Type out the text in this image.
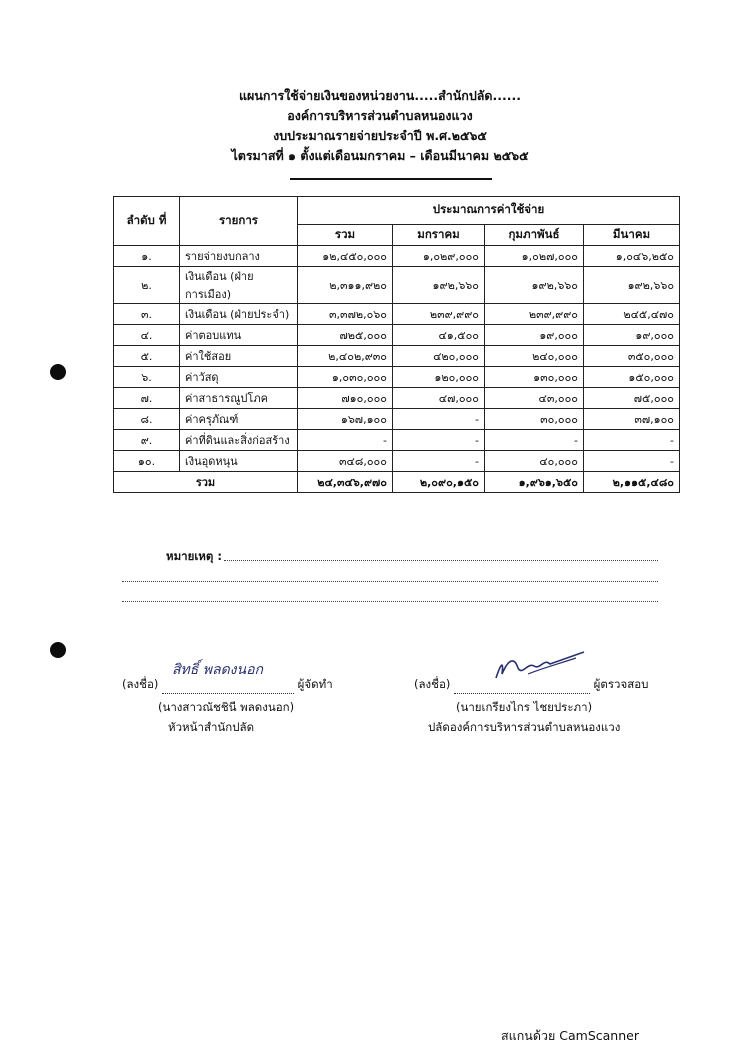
แผนการใช้จ่ายเงินของหน่วยงาน.....สำนักปลัด......
องค์การบริหารส่วนตำบลหนองแวง
งบประมาณรายจ่ายประจำปี พ.ศ.๒๕๖๕
ไตรมาสที่ ๑ ตั้งแต่เดือนมกราคม – เดือนมีนาคม ๒๕๖๕
ลำดับ ที่	รายการ	ประมาณการค่าใช้จ่าย			
		รวม	มกราคม	กุมภาพันธ์	มีนาคม
๑.	รายจ่ายงบกลาง	๑๒,๔๕๐,๐๐๐	๑,๐๒๙,๐๐๐	๑,๐๒๗,๐๐๐	๑,๐๔๖,๒๕๐
๒.	เงินเดือน (ฝ่ายการเมือง)	๒,๓๑๑,๙๒๐	๑๙๒,๖๖๐	๑๙๒,๖๖๐	๑๙๒,๖๖๐
๓.	เงินเดือน (ฝ่ายประจำ)	๓,๓๗๒,๐๖๐	๒๓๙,๙๙๐	๒๓๙,๙๙๐	๒๔๕,๔๗๐
๔.	ค่าตอบแทน	๗๒๕,๐๐๐	๔๑,๕๐๐	๑๙,๐๐๐	๑๙,๐๐๐
๕.	ค่าใช้สอย	๒,๔๐๒,๙๓๐	๔๒๐,๐๐๐	๒๔๐,๐๐๐	๓๕๐,๐๐๐
๖.	ค่าวัสดุ	๑,๐๓๐,๐๐๐	๑๒๐,๐๐๐	๑๓๐,๐๐๐	๑๕๐,๐๐๐
๗.	ค่าสาธารณูปโภค	๗๑๐,๐๐๐	๔๗,๐๐๐	๔๓,๐๐๐	๗๕,๐๐๐
๘.	ค่าครุภัณฑ์	๑๖๗,๑๐๐	-	๓๐,๐๐๐	๓๗,๑๐๐
๙.	ค่าที่ดินและสิ่งก่อสร้าง	-	-	-	-
๑๐.	เงินอุดหนุน	๓๔๘,๐๐๐	-	๔๐,๐๐๐	-
รวม		๒๔,๓๔๖,๙๗๐	๒,๐๙๐,๑๕๐	๑,๙๖๑,๖๕๐	๒,๑๑๕,๔๘๐
หมายเหตุ :
(ลงชื่อ)	ผู้จัดทำ
สิทธิ์ พลดงนอก
(นางสาวณัชชินี พลดงนอก)
หัวหน้าสำนักปลัด
(ลงชื่อ)	ผู้ตรวจสอบ
(นายเกรียงไกร ไชยประภา)
ปลัดองค์การบริหารส่วนตำบลหนองแวง
สแกนด้วย CamScanner
